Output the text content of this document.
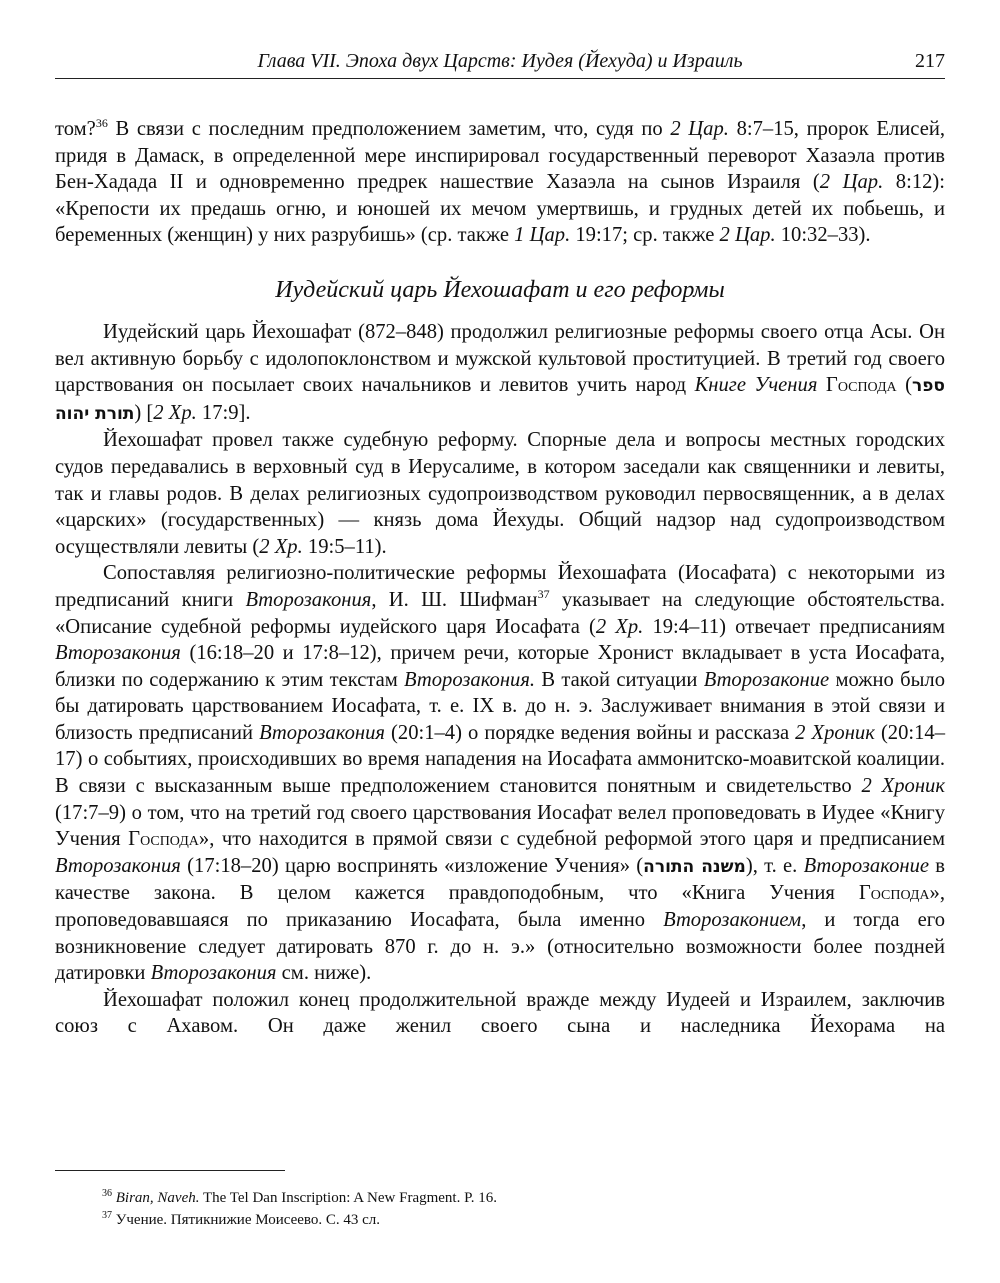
Глава VII. Эпоха двух Царств: Иудея (Йехуда) и Израиль	217

том?$^{36}$ В связи с последним предположением заметим, что, судя по 2 Цар. 8:7–15, пророк Елисей, придя в Дамаск, в определенной мере инспирировал государственный переворот Хазаэла против Бен-Хадада II и одновременно предрек нашествие Хазаэла на сынов Израиля (2 Цар. 8:12): «Крепости их предашь огню, и юношей их мечом умертвишь, и грудных детей их побьешь, и беременных (женщин) у них разрубишь» (ср. также 1 Цар. 19:17; ср. также 2 Цар. 10:32–33).

Иудейский царь Йехошафат и его реформы

Иудейский царь Йехошафат (872–848) продолжил религиозные реформы своего отца Асы. Он вел активную борьбу с идолопоклонством и мужской культовой проституцией. В третий год своего царствования он посылает своих начальников и левитов учить народ Книге Учения Господа (ספר תורת יהוה) [2 Хр. 17:9].

Йехошафат провел также судебную реформу. Спорные дела и вопросы местных городских судов передавались в верховный суд в Иерусалиме, в котором заседали как священники и левиты, так и главы родов. В делах религиозных судопроизводством руководил первосвященник, а в делах «царских» (государственных) — князь дома Йехуды. Общий надзор над судопроизводством осуществляли левиты (2 Хр. 19:5–11).

Сопоставляя религиозно-политические реформы Йехошафата (Иосафата) с некоторыми из предписаний книги Второзакония, И. Ш. Шифман$^{37}$ указывает на следующие обстоятельства. «Описание судебной реформы иудейского царя Иосафата (2 Хр. 19:4–11) отвечает предписаниям Второзакония (16:18–20 и 17:8–12), причем речи, которые Хронист вкладывает в уста Иосафата, близки по содержанию к этим текстам Второзакония. В такой ситуации Второзаконие можно было бы датировать царствованием Иосафата, т. е. IX в. до н. э. Заслуживает внимания в этой связи и близость предписаний Второзакония (20:1–4) о порядке ведения войны и рассказа 2 Хроник (20:14–17) о событиях, происходивших во время нападения на Иосафата аммонитско-моавитской коалиции. В связи с высказанным выше предположением становится понятным и свидетельство 2 Хроник (17:7–9) о том, что на третий год своего царствования Иосафат велел проповедовать в Иудее «Книгу Учения Господа», что находится в прямой связи с судебной реформой этого царя и предписанием Второзакония (17:18–20) царю воспринять «изложение Учения» (משנה התורה), т. е. Второзаконие в качестве закона. В целом кажется правдоподобным, что «Книга Учения Господа», проповедовавшаяся по приказанию Иосафата, была именно Второзаконием, и тогда его возникновение следует датировать 870 г. до н. э.» (относительно возможности более поздней датировки Второзакония см. ниже).

Йехошафат положил конец продолжительной вражде между Иудеей и Израилем, заключив союз с Ахавом. Он даже женил своего сына и наследника Йехорама на

$^{36}$ Biran, Naveh. The Tel Dan Inscription: A New Fragment. P. 16.
$^{37}$ Учение. Пятикнижие Моисеево. С. 43 сл.
